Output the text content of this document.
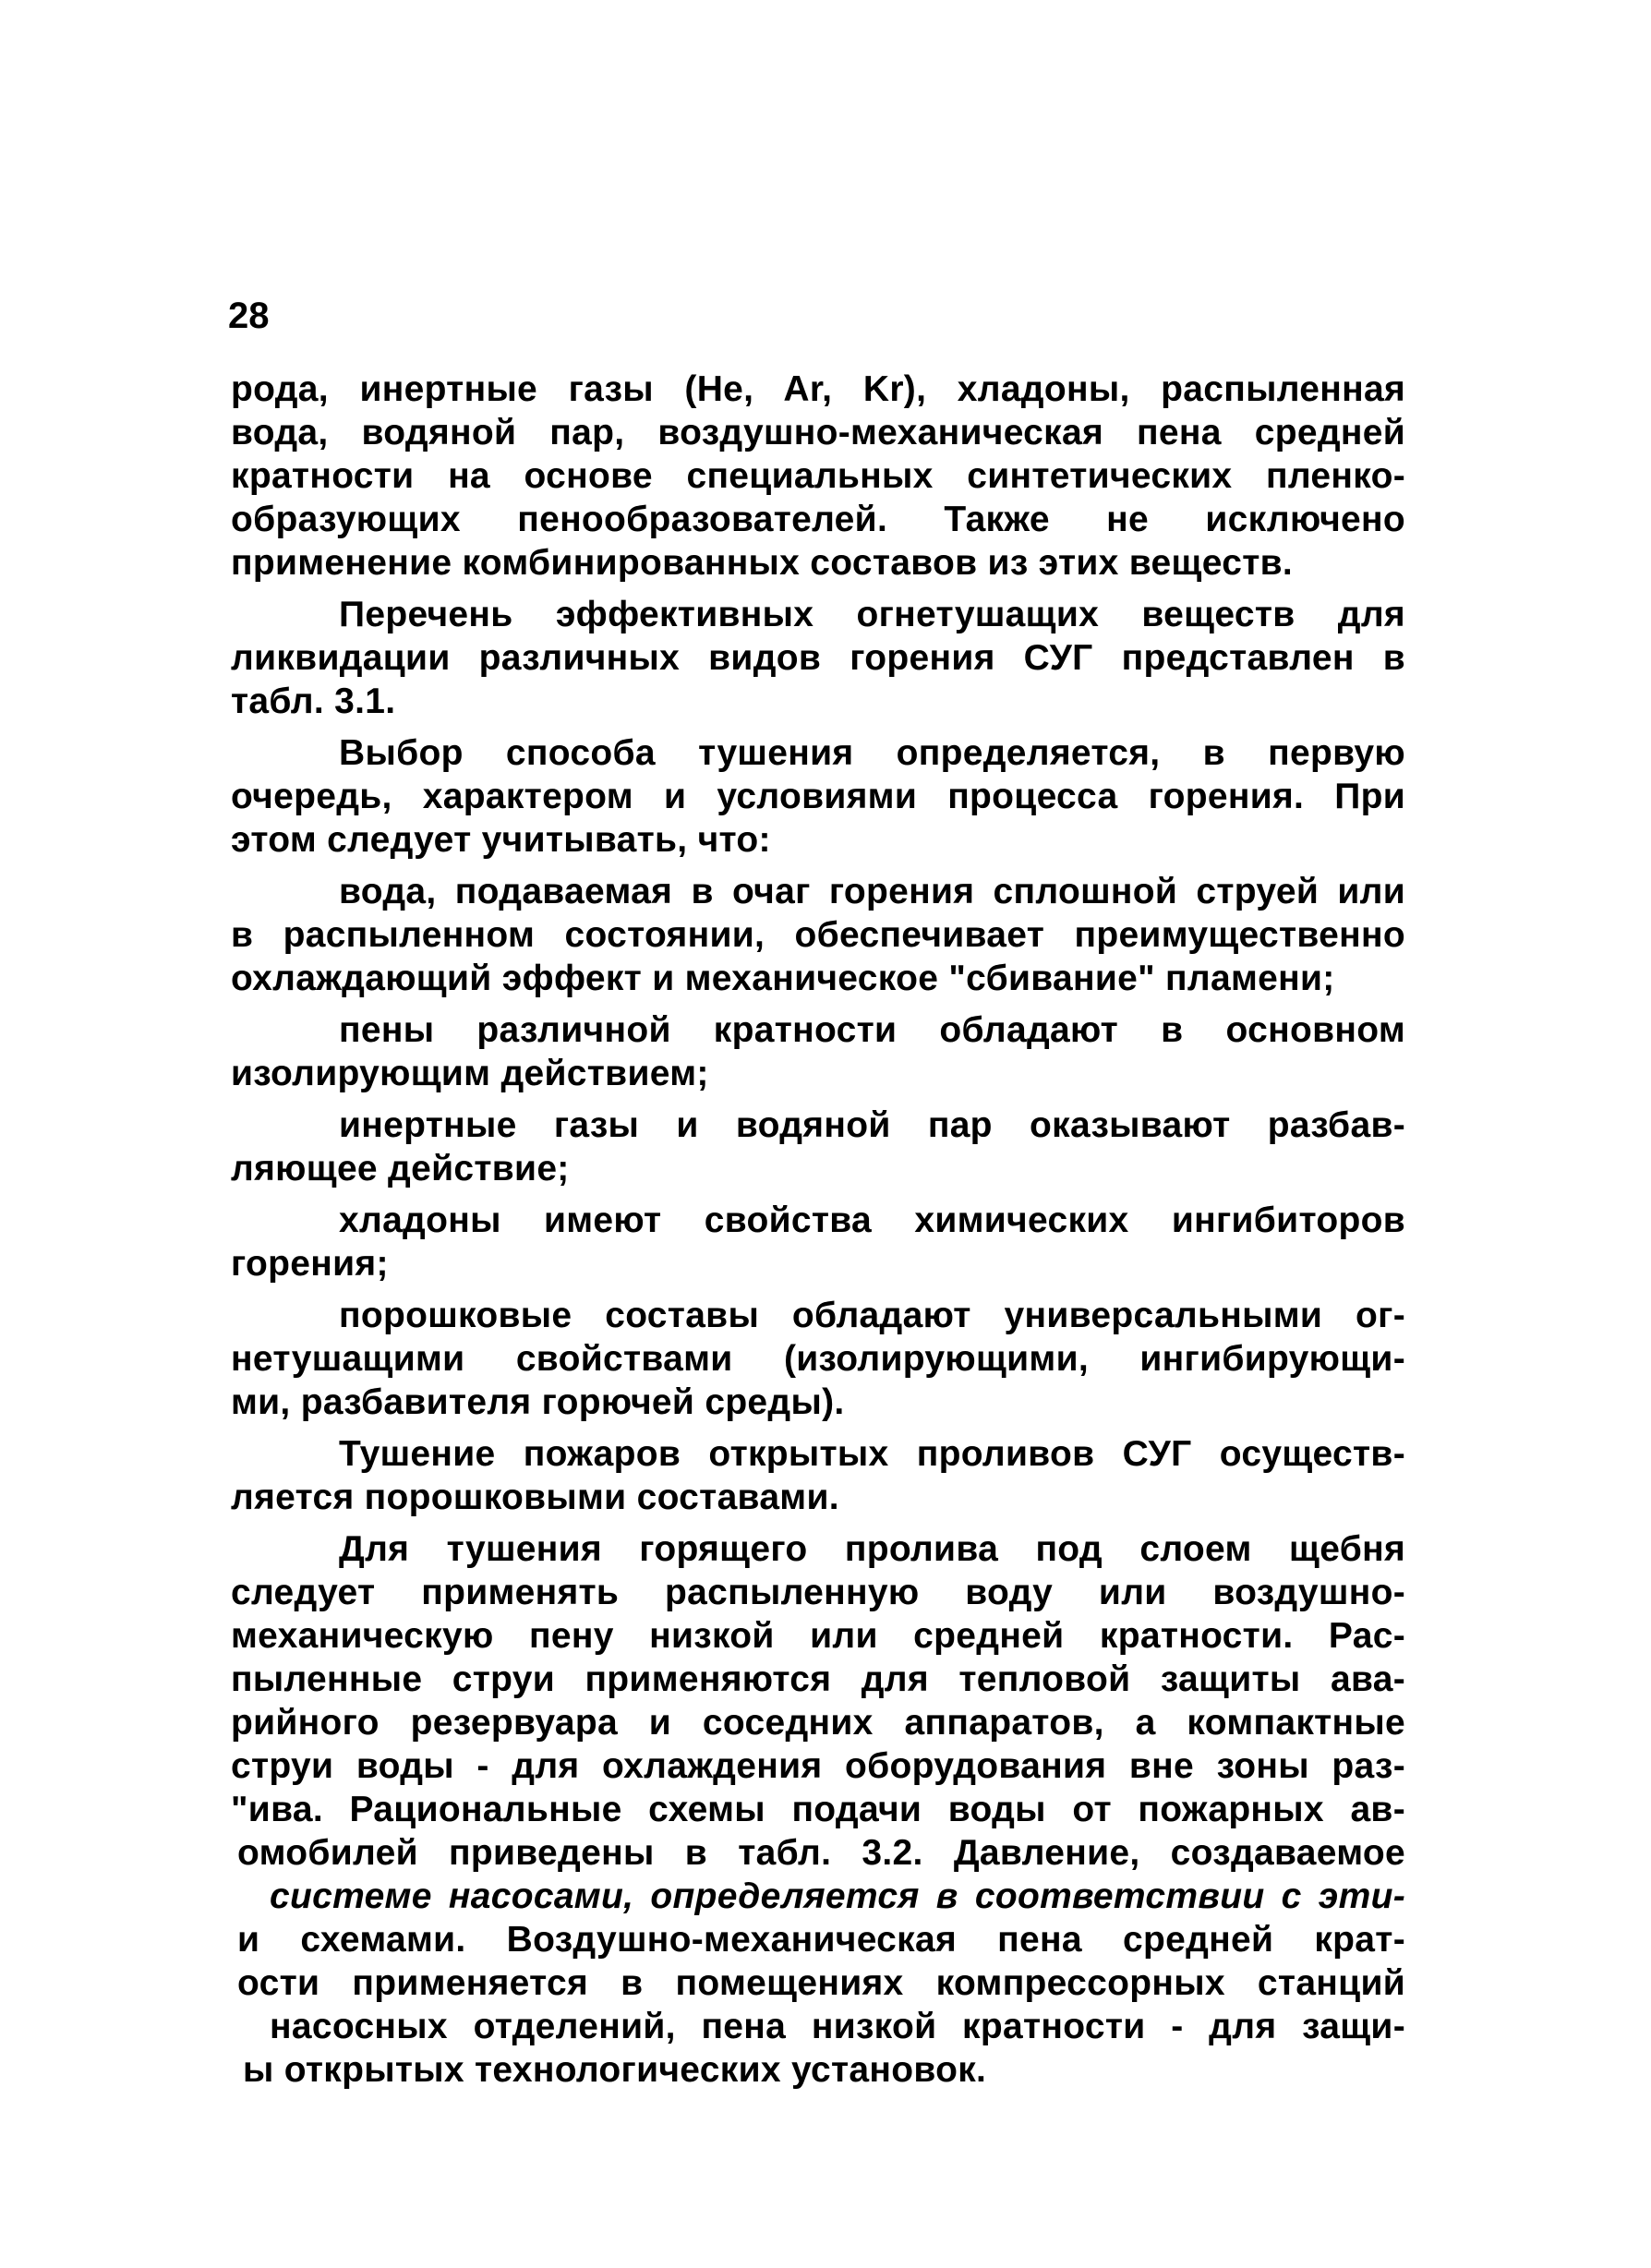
28

рода, инертные газы (He, Ar, Kr), хладоны, распыленная
вода, водяной пар, воздушно-механическая пена средней
кратности на основе специальных синтетических пленко-
образующих пенообразователей. Также не исключено
применение комбинированных составов из этих веществ.
Перечень эффективных огнетушащих веществ для
ликвидации различных видов горения СУГ представлен в
табл. 3.1.
Выбор способа тушения определяется, в первую
очередь, характером и условиями процесса горения. При
этом следует учитывать, что:
вода, подаваемая в очаг горения сплошной струей или
в распыленном состоянии, обеспечивает преимущественно
охлаждающий эффект и механическое "сбивание" пламени;
пены различной кратности обладают в основном
изолирующим действием;
инертные газы и водяной пар оказывают разбав-
ляющее действие;
хладоны имеют свойства химических ингибиторов
горения;
порошковые составы обладают универсальными ог-
нетушащими свойствами (изолирующими, ингибирующи-
ми, разбавителя горючей среды).
Тушение пожаров открытых проливов СУГ осуществ-
ляется порошковыми составами.
Для тушения горящего пролива под слоем щебня
следует применять распыленную воду или воздушно-
механическую пену низкой или средней кратности. Рас-
пыленные струи применяются для тепловой защиты ава-
рийного резервуара и соседних аппаратов, а компактные
струи воды - для охлаждения оборудования вне зоны раз-
"ива. Рациональные схемы подачи воды от пожарных ав-
омобилей приведены в табл. 3.2. Давление, создаваемое
системе насосами, определяется в соответствии с эти-
и схемами. Воздушно-механическая пена средней крат-
ости применяется в помещениях компрессорных станций
насосных отделений, пена низкой кратности - для защи-
ы открытых технологических установок.
